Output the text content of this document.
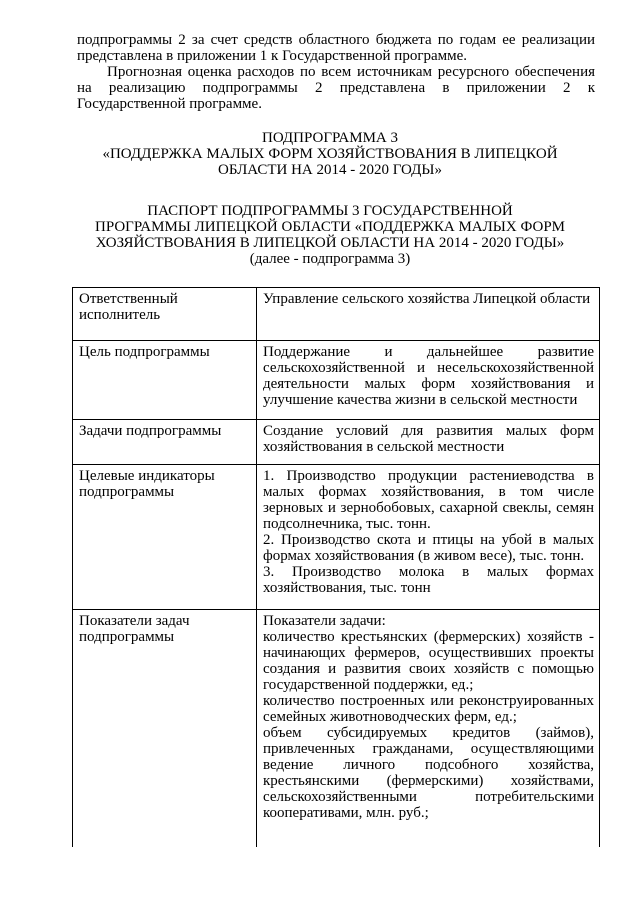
подпрограммы 2 за счет средств областного бюджета по годам ее реализации представлена в приложении 1 к Государственной программе.

Прогнозная оценка расходов по всем источникам ресурсного обеспечения на реализацию подпрограммы 2 представлена в приложении 2 к Государственной программе.

ПОДПРОГРАММА 3
«ПОДДЕРЖКА МАЛЫХ ФОРМ ХОЗЯЙСТВОВАНИЯ В ЛИПЕЦКОЙ
ОБЛАСТИ НА 2014 - 2020 ГОДЫ»
ПАСПОРТ ПОДПРОГРАММЫ 3 ГОСУДАРСТВЕННОЙ
ПРОГРАММЫ ЛИПЕЦКОЙ ОБЛАСТИ «ПОДДЕРЖКА МАЛЫХ ФОРМ
ХОЗЯЙСТВОВАНИЯ В ЛИПЕЦКОЙ ОБЛАСТИ НА 2014 - 2020 ГОДЫ»
(далее - подпрограмма 3)
Ответственный исполнитель	Управление сельского хозяйства Липецкой области
Цель подпрограммы	Поддержание и дальнейшее развитие сельскохозяйственной и несельскохозяйственной деятельности малых форм хозяйствования и улучшение качества жизни в сельской местности
Задачи подпрограммы	Создание условий для развития малых форм хозяйствования в сельской местности
Целевые индикаторы подпрограммы	1. Производство продукции растениеводства в малых формах хозяйствования, в том числе зерновых и зернобобовых, сахарной свеклы, семян подсолнечника, тыс. тонн.
2. Производство скота и птицы на убой в малых формах хозяйствования (в живом весе), тыс. тонн.
3. Производство молока в малых формах хозяйствования, тыс. тонн

Показатели задач подпрограммы	Показатели задачи:
количество крестьянских (фермерских) хозяйств - начинающих фермеров, осуществивших проекты создания и развития своих хозяйств с помощью государственной поддержки, ед.;
количество построенных или реконструированных семейных животноводческих ферм, ед.;
объем субсидируемых кредитов (займов), привлеченных гражданами, осуществляющими ведение личного подсобного хозяйства, крестьянскими (фермерскими) хозяйствами, сельскохозяйственными потребительскими кооперативами, млн. руб.;
